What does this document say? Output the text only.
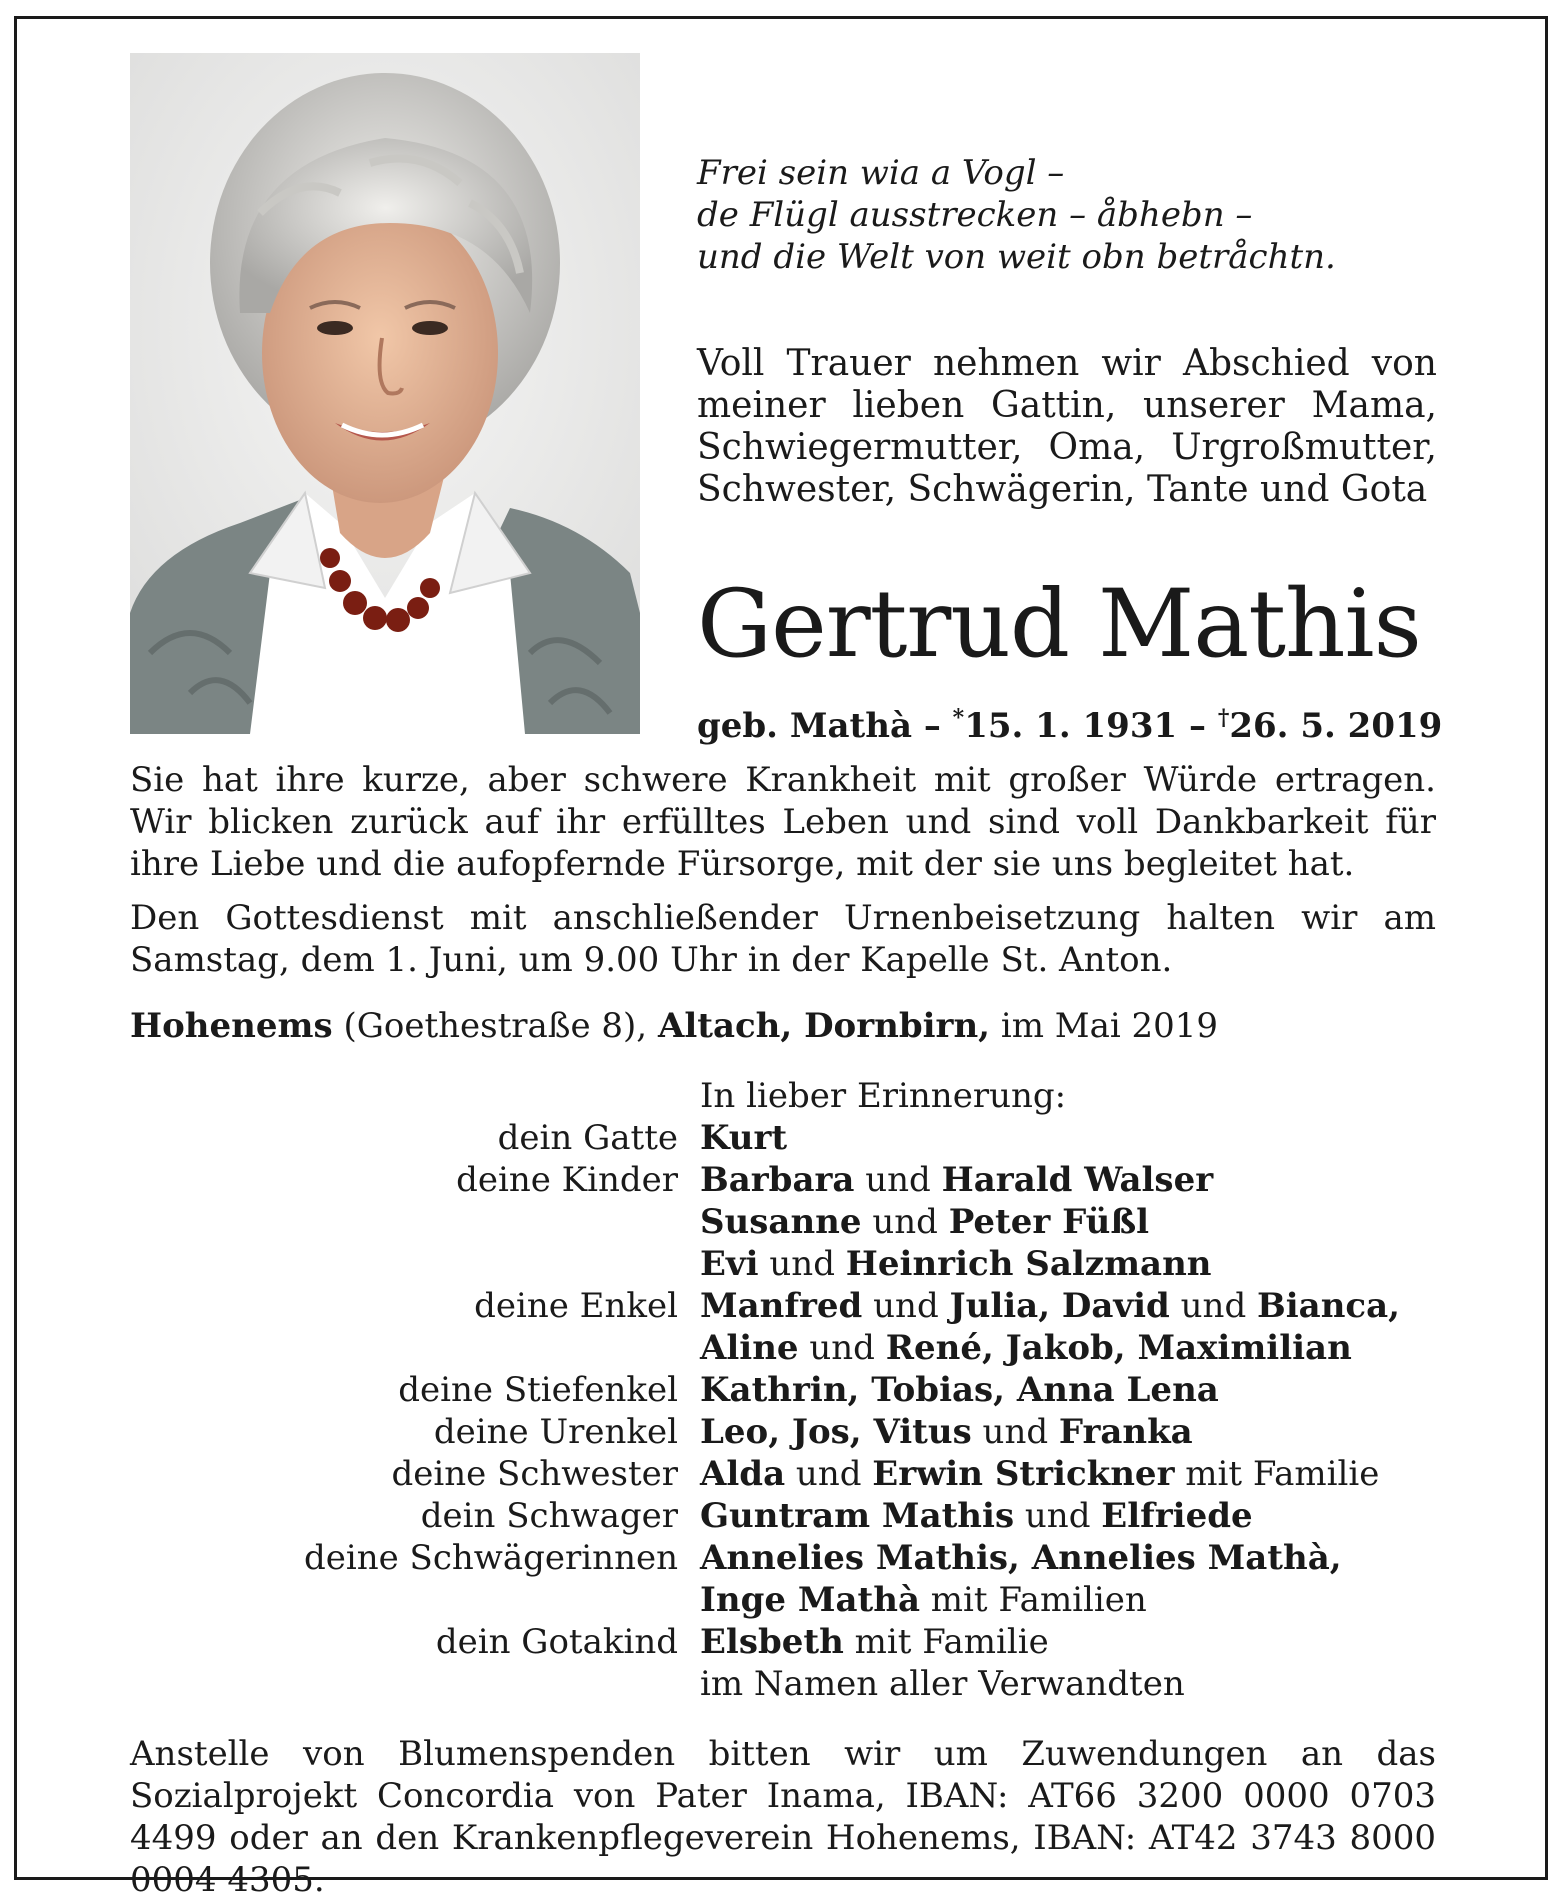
Frei sein wia a Vogl –
de Flügl ausstrecken – åbhebn –
und die Welt von weit obn betråchtn.
Voll Trauer nehmen wir Abschied von meiner lieben Gattin, unserer Mama, Schwiegermutter, Oma, Urgroßmutter, Schwester, Schwägerin, Tante und Gota
Gertrud Mathis
geb. Mathà – *15. 1. 1931 – †26. 5. 2019
Sie hat ihre kurze, aber schwere Krankheit mit großer Würde ertragen. Wir blicken zurück auf ihr erfülltes Leben und sind voll Dankbarkeit für ihre Liebe und die aufopfernde Fürsorge, mit der sie uns begleitet hat.
Den Gottesdienst mit anschließender Urnenbeisetzung halten wir am Samstag, dem 1. Juni, um 9.00 Uhr in der Kapelle St. Anton.
Hohenems (Goethestraße 8), Altach, Dornbirn, im Mai 2019
In lieber Erinnerung:
dein Gatte Kurt
deine Kinder Barbara und Harald Walser
Susanne und Peter Füßl
Evi und Heinrich Salzmann
deine Enkel Manfred und Julia, David und Bianca,
Aline und René, Jakob, Maximilian
deine Stiefenkel Kathrin, Tobias, Anna Lena
deine Urenkel Leo, Jos, Vitus und Franka
deine Schwester Alda und Erwin Strickner mit Familie
dein Schwager Guntram Mathis und Elfriede
deine Schwägerinnen Annelies Mathis, Annelies Mathà,
Inge Mathà mit Familien
dein Gotakind Elsbeth mit Familie
im Namen aller Verwandten
Anstelle von Blumenspenden bitten wir um Zuwendungen an das Sozialprojekt Concordia von Pater Inama, IBAN: AT66 3200 0000 0703 4499 oder an den Krankenpflegeverein Hohenems, IBAN: AT42 3743 8000 0004 4305.
